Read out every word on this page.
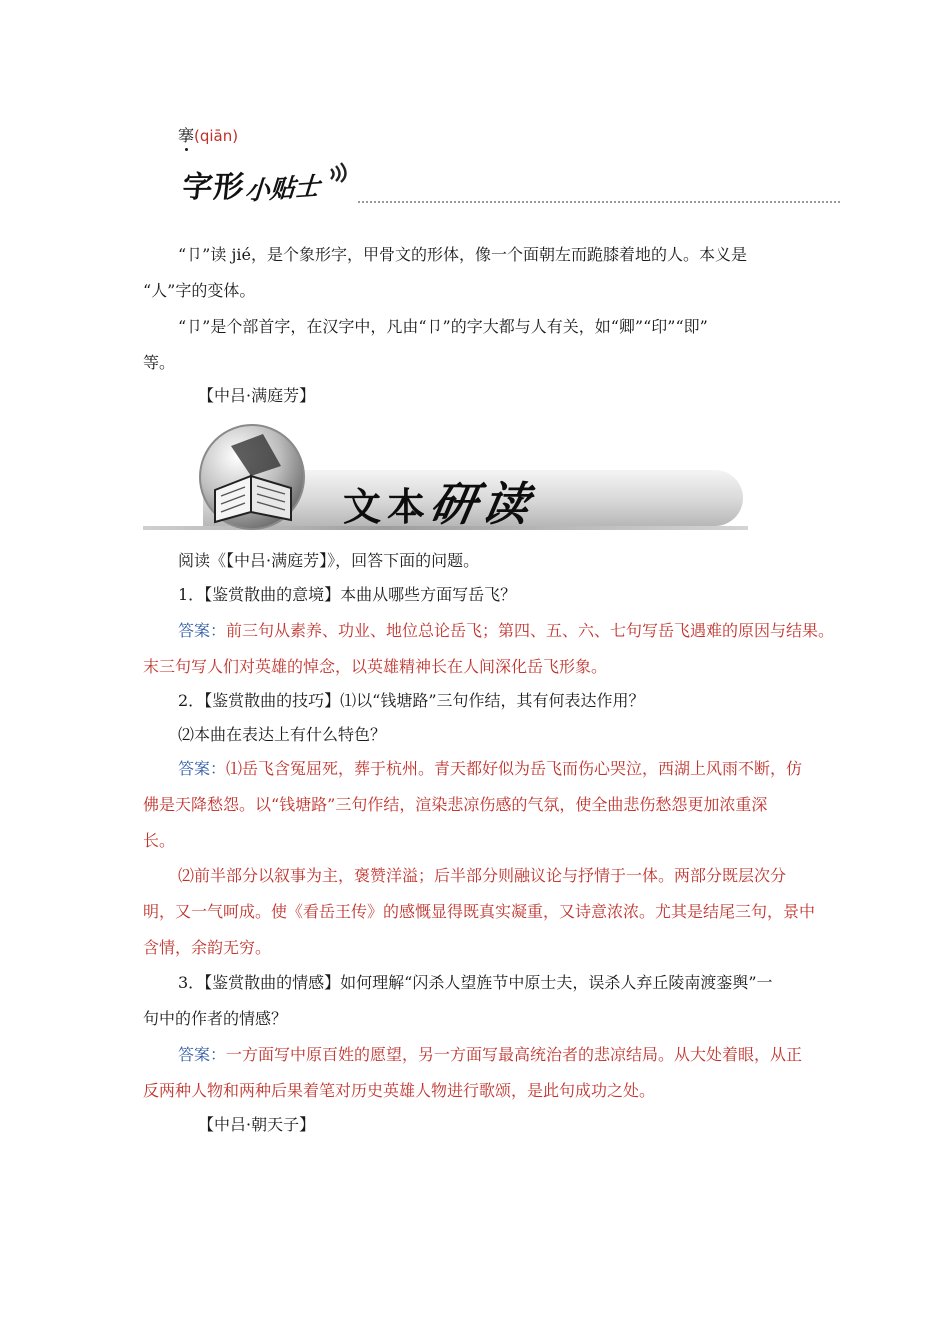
搴(qiān)
字形小贴士
“卩”读 jié，是个象形字，甲骨文的形体，像一个面朝左而跪膝着地的人。本义是
“人”字的变体。
“卩”是个部首字，在汉字中，凡由“卩”的字大都与人有关，如“卿”“印”“即”
等。
【中吕·满庭芳】
文本研读
阅读《【中吕·满庭芳】》，回答下面的问题。
1．【鉴赏散曲的意境】本曲从哪些方面写岳飞？
答案：前三句从素养、功业、地位总论岳飞；第四、五、六、七句写岳飞遇难的原因与结果。
末三句写人们对英雄的悼念，以英雄精神长在人间深化岳飞形象。
2．【鉴赏散曲的技巧】⑴以“钱塘路”三句作结，其有何表达作用？
⑵本曲在表达上有什么特色？
答案：⑴岳飞含冤屈死，葬于杭州。青天都好似为岳飞而伤心哭泣，西湖上风雨不断，仿
佛是天降愁怨。以“钱塘路”三句作结，渲染悲凉伤感的气氛，使全曲悲伤愁怨更加浓重深
长。
⑵前半部分以叙事为主，褒赞洋溢；后半部分则融议论与抒情于一体。两部分既层次分
明，又一气呵成。使《看岳王传》的感慨显得既真实凝重，又诗意浓浓。尤其是结尾三句，景中
含情，余韵无穷。
3．【鉴赏散曲的情感】如何理解“闪杀人望旌节中原士夫，误杀人弃丘陵南渡銮舆”一
句中的作者的情感？
答案：一方面写中原百姓的愿望，另一方面写最高统治者的悲凉结局。从大处着眼，从正
反两种人物和两种后果着笔对历史英雄人物进行歌颂，是此句成功之处。
【中吕·朝天子】
